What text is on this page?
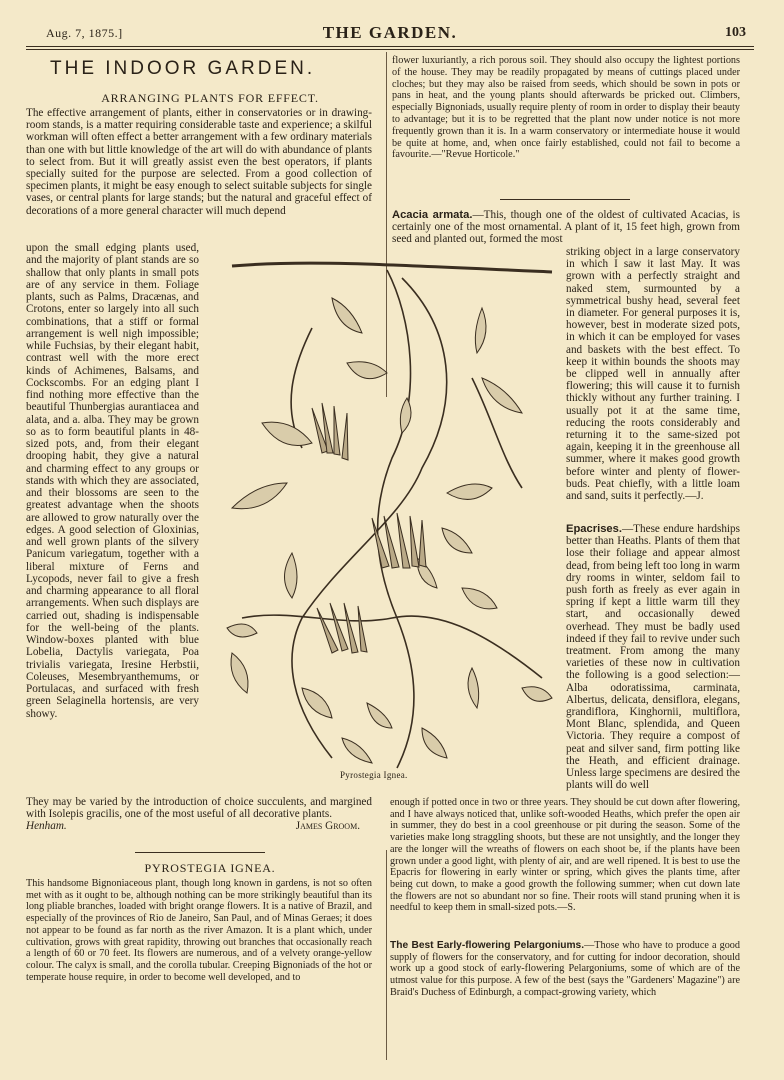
Aug. 7, 1875.]	THE GARDEN.	103
THE INDOOR GARDEN.
ARRANGING PLANTS FOR EFFECT.

The effective arrangement of plants, either in conservatories or in drawing-room stands, is a matter requiring considerable taste and experience; a skilful workman will often effect a better arrangement with a few ordinary materials than one with but little knowledge of the art will do with abundance of plants to select from. But it will greatly assist even the best operators, if plants specially suited for the purpose are selected. From a good collection of specimen plants, it might be easy enough to select suitable subjects for single vases, or central plants for large stands; but the natural and graceful effect of decorations of a more general character will much depend

upon the small edging plants used, and the majority of plant stands are so shallow that only plants in small pots are of any service in them. Foliage plants, such as Palms, Dracænas, and Crotons, enter so largely into all such combinations, that a stiff or formal arrangement is well nigh impossible; while Fuchsias, by their elegant habit, contrast well with the more erect kinds of Achimenes, Balsams, and Cockscombs. For an edging plant I find nothing more effective than the beautiful Thunbergias aurantiacea and alata, and a. alba. They may be grown so as to form beautiful plants in 48-sized pots, and, from their elegant drooping habit, they give a natural and charming effect to any groups or stands with which they are associated, and their blossoms are seen to the greatest advantage when the shoots are allowed to grow naturally over the edges. A good selection of Gloxinias, and well grown plants of the silvery Panicum variegatum, together with a liberal mixture of Ferns and Lycopods, never fail to give a fresh and charming appearance to all floral arrangements. When such displays are carried out, shading is indispensable for the well-being of the plants. Window-boxes planted with blue Lobelia, Dactylis variegata, Poa trivialis variegata, Iresine Herbstii, Coleuses, Mesembryanthemums, or Portulacas, and surfaced with fresh green Selaginella hortensis, are very showy.

They may be varied by the introduction of choice succulents, and margined with Isolepis gracilis, one of the most useful of all decorative plants.

Henham.	James Groom.
PYROSTEGIA IGNEA.

This handsome Bignoniaceous plant, though long known in gardens, is not so often met with as it ought to be, although nothing can be more strikingly beautiful than its long pliable branches, loaded with bright orange flowers. It is a native of Brazil, and especially of the provinces of Rio de Janeiro, San Paul, and of Minas Geraes; it does not appear to be found as far north as the river Amazon. It is a plant which, under cultivation, grows with great rapidity, throwing out branches that occasionally reach a length of 60 or 70 feet. Its flowers are numerous, and of a velvety orange-yellow colour. The calyx is small, and the corolla tubular. Creeping Bignoniads of the hot or temperate house require, in order to become well developed, and to

flower luxuriantly, a rich porous soil. They should also occupy the lightest portions of the house. They may be readily propagated by means of cuttings placed under cloches; but they may also be raised from seeds, which should be sown in pots or pans in heat, and the young plants should afterwards be pricked out. Climbers, especially Bignoniads, usually require plenty of room in order to display their beauty to advantage; but it is to be regretted that the plant now under notice is not more frequently grown than it is. In a warm conservatory or intermediate house it would be quite at home, and, when once fairly established, could not fail to become a favourite.—"Revue Horticole."

Acacia armata.—This, though one of the oldest of cultivated Acacias, is certainly one of the most ornamental. A plant of it, 15 feet high, grown from seed and planted out, formed the most

striking object in a large conservatory in which I saw it last May. It was grown with a perfectly straight and naked stem, surmounted by a symmetrical bushy head, several feet in diameter. For general purposes it is, however, best in moderate sized pots, in which it can be employed for vases and baskets with the best effect. To keep it within bounds the shoots may be clipped well in annually after flowering; this will cause it to furnish thickly without any further training. I usually pot it at the same time, reducing the roots considerably and returning it to the same-sized pot again, keeping it in the greenhouse all summer, where it makes good growth before winter and plenty of flower-buds. Peat chiefly, with a little loam and sand, suits it perfectly.—J.

Epacrises.—These endure hardships better than Heaths. Plants of them that lose their foliage and appear almost dead, from being left too long in warm dry rooms in winter, seldom fail to push forth as freely as ever again in spring if kept a little warm till they start, and occasionally dewed overhead. They must be badly used indeed if they fail to revive under such treatment. From among the many varieties of these now in cultivation the following is a good selection:—Alba odoratissima, carminata, Albertus, delicata, densiflora, elegans, grandiflora, Kinghornii, multiflora, Mont Blanc, splendida, and Queen Victoria. They require a compost of peat and silver sand, firm potting like the Heath, and efficient drainage. Unless large specimens are desired the plants will do well

enough if potted once in two or three years. They should be cut down after flowering, and I have always noticed that, unlike soft-wooded Heaths, which prefer the open air in summer, they do best in a cool greenhouse or pit during the season. Some of the varieties make long straggling shoots, but these are not unsightly, and the longer they are the longer will the wreaths of flowers on each shoot be, if the plants have been grown under a good light, with plenty of air, and are well ripened. It is best to use the Epacris for flowering in early winter or spring, which gives the plants time, after being cut down, to make a good growth the following summer; when cut down late the flowers are not so abundant nor so fine. Their roots will stand pruning when it is needful to keep them in small-sized pots.—S.

The Best Early-flowering Pelargoniums.—Those who have to produce a good supply of flowers for the conservatory, and for cutting for indoor decoration, should work up a good stock of early-flowering Pelargoniums, some of which are of the utmost value for this purpose. A few of the best (says the "Gardeners' Magazine") are Braid's Duchess of Edinburgh, a compact-growing variety, which

Pyrostegia Ignea.
